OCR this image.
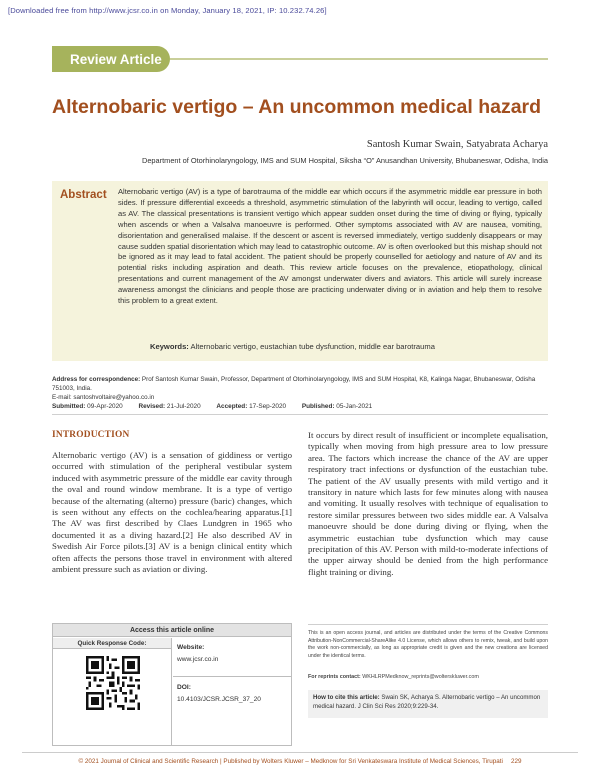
[Downloaded free from http://www.jcsr.co.in on Monday, January 18, 2021, IP: 10.232.74.26]
Review Article
Alternobaric vertigo – An uncommon medical hazard
Santosh Kumar Swain, Satyabrata Acharya
Department of Otorhinolaryngology, IMS and SUM Hospital, Siksha “O” Anusandhan University, Bhubaneswar, Odisha, India
Abstract Alternobaric vertigo (AV) is a type of barotrauma of the middle ear which occurs if the asymmetric middle ear pressure in both sides. If pressure differential exceeds a threshold, asymmetric stimulation of the labyrinth will occur, leading to vertigo, called as AV. The classical presentations is transient vertigo which appear sudden onset during the time of diving or flying, typically when ascends or when a Valsalva manoeuvre is performed. Other symptoms associated with AV are nausea, vomiting, disorientation and generalised malaise. If the descent or ascent is reversed immediately, vertigo suddenly disappears or may cause sudden spatial disorientation which may lead to catastrophic outcome. AV is often overlooked but this mishap should not be ignored as it may lead to fatal accident. The patient should be properly counselled for aetiology and nature of AV and its potential risks including aspiration and death. This review article focuses on the prevalence, etiopathology, clinical presentations and current management of the AV amongst underwater divers and aviators. This article will surely increase awareness amongst the clinicians and people those are practicing underwater diving or in aviation and help them to resolve this problem to a great extent.

Keywords: Alternobaric vertigo, eustachian tube dysfunction, middle ear barotrauma
Address for correspondence: Prof Santosh Kumar Swain, Professor, Department of Otorhinolaryngology, IMS and SUM Hospital, K8, Kalinga Nagar, Bhubaneswar, Odisha 751003, India.
E-mail: santoshvoltaire@yahoo.co.in
Submitted: 09-Apr-2020 Revised: 21-Jul-2020 Accepted: 17-Sep-2020 Published: 05-Jan-2021
INTRODUCTION

Alternobaric vertigo (AV) is a sensation of giddiness or vertigo occurred with stimulation of the peripheral vestibular system induced with asymmetric pressure of the middle ear cavity through the oval and round window membrane. It is a type of vertigo because of the alternating (alterno) pressure (baric) changes, which is seen without any effects on the cochlea/hearing apparatus.[1] The AV was first described by Claes Lundgren in 1965 who documented it as a diving hazard.[2] He also described AV in Swedish Air Force pilots.[3] AV is a benign clinical entity which often affects the persons those travel in environment with altered ambient pressure such as aviation or diving.

It occurs by direct result of insufficient or incomplete equalisation, typically when moving from high pressure area to low pressure area. The factors which increase the chance of the AV are upper respiratory tract infections or dysfunction of the eustachian tube. The patient of the AV usually presents with mild vertigo and it transitory in nature which lasts for few minutes along with nausea and vomiting. It usually resolves with technique of equalisation to restore similar pressures between two sides middle ear. A Valsalva manoeuvre should be done during diving or flying, when the asymmetric eustachian tube dysfunction which may cause precipitation of this AV. Person with mild-to-moderate infections of the upper airway should be denied from the high performance flight training or diving.

Access this article online
Quick Response Code:
Website:
www.jcsr.co.in
DOI:
10.4103/JCSR.JCSR_37_20

This is an open access journal, and articles are distributed under the terms of the Creative Commons Attribution-NonCommercial-ShareAlike 4.0 License, which allows others to remix, tweak, and build upon the work non-commercially, as long as appropriate credit is given and the new creations are licensed under the identical terms.

For reprints contact: WKHLRPMedknow_reprints@wolterskluwer.com
How to cite this article: Swain SK, Acharya S. Alternobaric vertigo – An uncommon medical hazard. J Clin Sci Res 2020;9:229-34.
© 2021 Journal of Clinical and Scientific Research | Published by Wolters Kluwer – Medknow for Sri Venkateswara Institute of Medical Sciences, Tirupati 229
